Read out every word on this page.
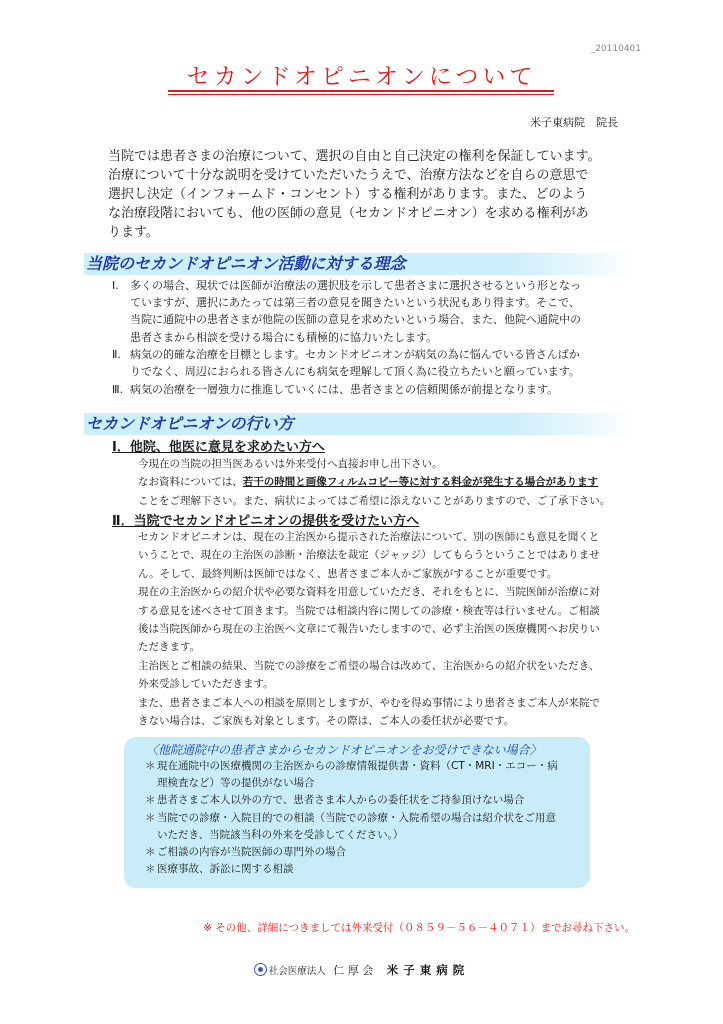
_20110401
セカンドオピニオンについて
米子東病院　院長
当院では患者さまの治療について、選択の自由と自己決定の権利を保証しています。
治療について十分な説明を受けていただいたうえで、治療方法などを自らの意思で
選択し決定（インフォームド・コンセント）する権利があります。また、どのよう
な治療段階においても、他の医師の意見（セカンドオピニオン）を求める権利があ
ります。
当院のセカンドオピニオン活動に対する理念
Ⅰ. 多くの場合、現状では医師が治療法の選択肢を示して患者さまに選択させるという形となっ
ていますが、選択にあたっては第三者の意見を聞きたいという状況もあり得ます。そこで、
当院に通院中の患者さまが他院の医師の意見を求めたいという場合、また、他院へ通院中の
患者さまから相談を受ける場合にも積極的に協力いたします。
Ⅱ. 病気の的確な治療を目標とします。セカンドオピニオンが病気の為に悩んでいる皆さんばか
りでなく、周辺におられる皆さんにも病気を理解して頂く為に役立ちたいと願っています。
Ⅲ. 病気の治療を一層強力に推進していくには、患者さまとの信頼関係が前提となります。
セカンドオピニオンの行い方
Ⅰ．他院、他医に意見を求めたい方へ
今現在の当院の担当医あるいは外来受付へ直接お申し出下さい。
なお資料については、若干の時間と画像フィルムコピー等に対する料金が発生する場合があります
ことをご理解下さい。また、病状によってはご希望に添えないことがありますので、ご了承下さい。
Ⅱ．当院でセカンドオピニオンの提供を受けたい方へ
セカンドオピニオンは、現在の主治医から提示された治療法について、別の医師にも意見を聞くと
いうことで、現在の主治医の診断・治療法を裁定（ジャッジ）してもらうということではありませ
ん。そして、最終判断は医師ではなく、患者さまご本人かご家族がすることが重要です。
現在の主治医からの紹介状や必要な資料を用意していただき、それをもとに、当院医師が治療に対
する意見を述べさせて頂きます。当院では相談内容に関しての診療・検査等は行いません。ご相談
後は当院医師から現在の主治医へ文章にて報告いたしますので、必ず主治医の医療機関へお戻りい
ただきます。
主治医とご相談の結果、当院での診療をご希望の場合は改めて、主治医からの紹介状をいただき、
外来受診していただきます。
また、患者さまご本人への相談を原則としますが、やむを得ぬ事情により患者さまご本人が来院で
きない場合は、ご家族も対象とします。その際は、ご本人の委任状が必要です。
〈他院通院中の患者さまからセカンドオピニオンをお受けできない場合〉
＊ 現在通院中の医療機関の主治医からの診療情報提供書・資料（CT・MRI・エコー・病
理検査など）等の提供がない場合
＊ 患者さまご本人以外の方で、患者さま本人からの委任状をご持参頂けない場合
＊ 当院での診療・入院目的での相談（当院での診療・入院希望の場合は紹介状をご用意
いただき、当院該当科の外来を受診してください。）
＊ ご相談の内容が当院医師の専門外の場合
＊ 医療事故、訴訟に関する相談
※ その他、詳細につきましては外来受付（０８５９－５６－４０７１）までお尋ね下さい。
社会医療法人 仁 厚 会 米子東病院
